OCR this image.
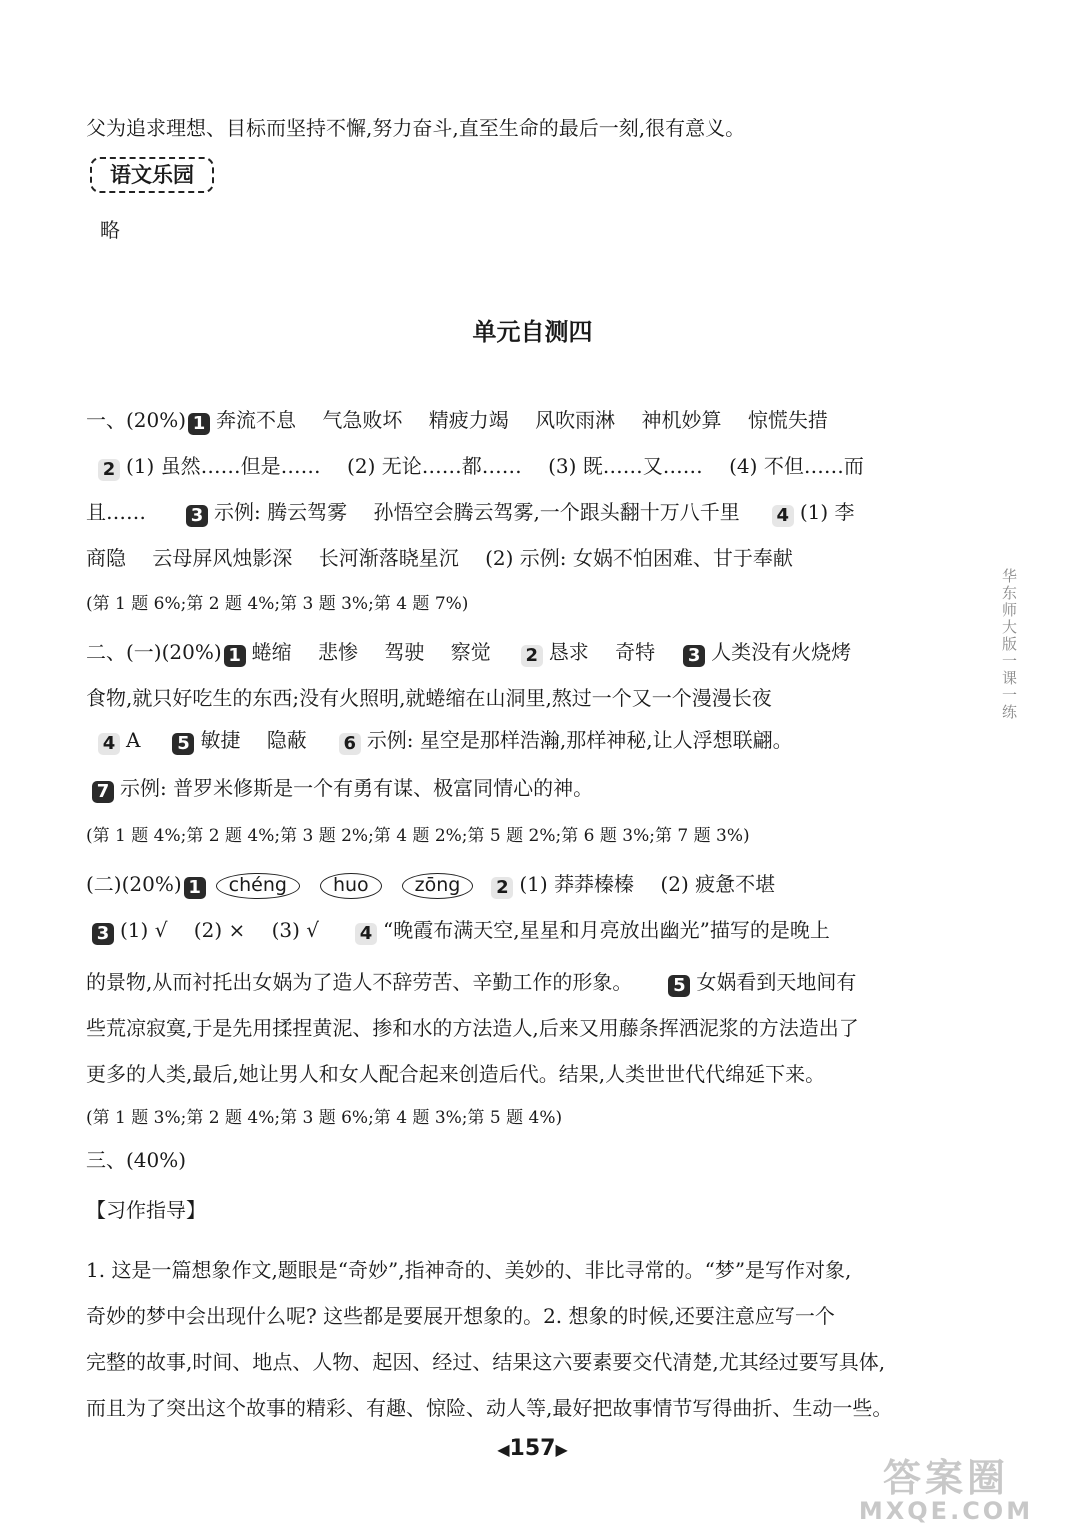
父为追求理想、目标而坚持不懈,努力奋斗,直至生命的最后一刻,很有意义。
语文乐园
略
单元自测四
一、(20%) 1 奔流不息　 气急败坏　 精疲力竭　 风吹雨淋　 神机妙算　 惊慌失措
2 (1) 虽然……但是……　 (2) 无论……都……　 (3) 既……又……　 (4) 不但……而
且…… 3 示例: 腾云驾雾　 孙悟空会腾云驾雾,一个跟头翻十万八千里 4 (1) 李
商隐　 云母屏风烛影深　 长河渐落晓星沉　 (2) 示例: 女娲不怕困难、甘于奉献
(第 1 题 6%;第 2 题 4%;第 3 题 3%;第 4 题 7%)
二、(一)(20%) 1 蜷缩　 悲惨　 驾驶　 察觉 2 恳求　 奇特 3 人类没有火烧烤
食物,就只好吃生的东西;没有火照明,就蜷缩在山洞里,熬过一个又一个漫漫长夜
4 A 5 敏捷　 隐蔽 6 示例: 星空是那样浩瀚,那样神秘,让人浮想联翩。
7 示例: 普罗米修斯是一个有勇有谋、极富同情心的神。
(第 1 题 4%;第 2 题 4%;第 3 题 2%;第 4 题 2%;第 5 题 2%;第 6 题 3%;第 7 题 3%)
(二)(20%) 1 chéng huo zōng 2 (1) 莽莽榛榛　 (2) 疲惫不堪
3 (1) √　 (2) ×　 (3) √ 4 “晚霞布满天空,星星和月亮放出幽光”描写的是晚上
的景物,从而衬托出女娲为了造人不辞劳苦、辛勤工作的形象。 5 女娲看到天地间有
些荒凉寂寞,于是先用揉捏黄泥、掺和水的方法造人,后来又用藤条挥洒泥浆的方法造出了
更多的人类,最后,她让男人和女人配合起来创造后代。结果,人类世世代代绵延下来。
(第 1 题 3%;第 2 题 4%;第 3 题 6%;第 4 题 3%;第 5 题 4%)
三、(40%)
【习作指导】
1. 这是一篇想象作文,题眼是“奇妙”,指神奇的、美妙的、非比寻常的。“梦”是写作对象,
奇妙的梦中会出现什么呢? 这些都是要展开想象的。2. 想象的时候,还要注意应写一个
完整的故事,时间、地点、人物、起因、经过、结果这六要素要交代清楚,尤其经过要写具体,
而且为了突出这个故事的精彩、有趣、惊险、动人等,最好把故事情节写得曲折、生动一些。
华东师大版一课一练
◀157▶
答案圈
MXQE.COM
